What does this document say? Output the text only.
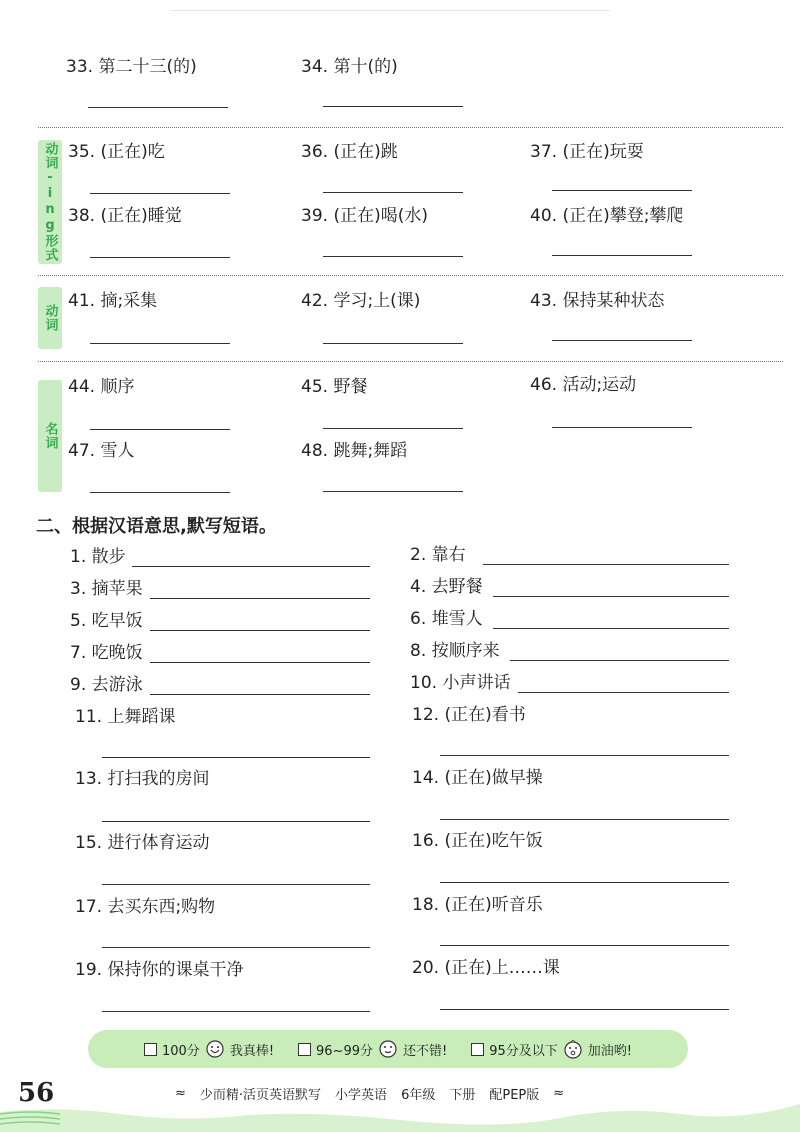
33. 第二十三(的)	34. 第十(的)
动词-ing形式 35. (正在)吃	36. (正在)跳	37. (正在)玩耍
38. (正在)睡觉	39. (正在)喝(水)	40. (正在)攀登;攀爬
动词
41. 摘;采集	42. 学习;上(课)	43. 保持某种状态
名词
44. 顺序	45. 野餐	46. 活动;运动
47. 雪人	48. 跳舞;舞蹈
二、根据汉语意思,默写短语。
1. 散步	2. 靠右
3. 摘苹果	4. 去野餐
5. 吃早饭	6. 堆雪人
7. 吃晚饭	8. 按顺序来
9. 去游泳	10. 小声讲话
11. 上舞蹈课	12. (正在)看书
13. 打扫我的房间	14. (正在)做早操
15. 进行体育运动	16. (正在)吃午饭
17. 去买东西;购物	18. (正在)听音乐
19. 保持你的课桌干净	20. (正在)上……课
100分 我真棒!	96~99分 还不错!	95分及以下 加油哟!
56	≈ 少而精·活页英语默写 小学英语 6年级 下册 配PEP版 ≈
